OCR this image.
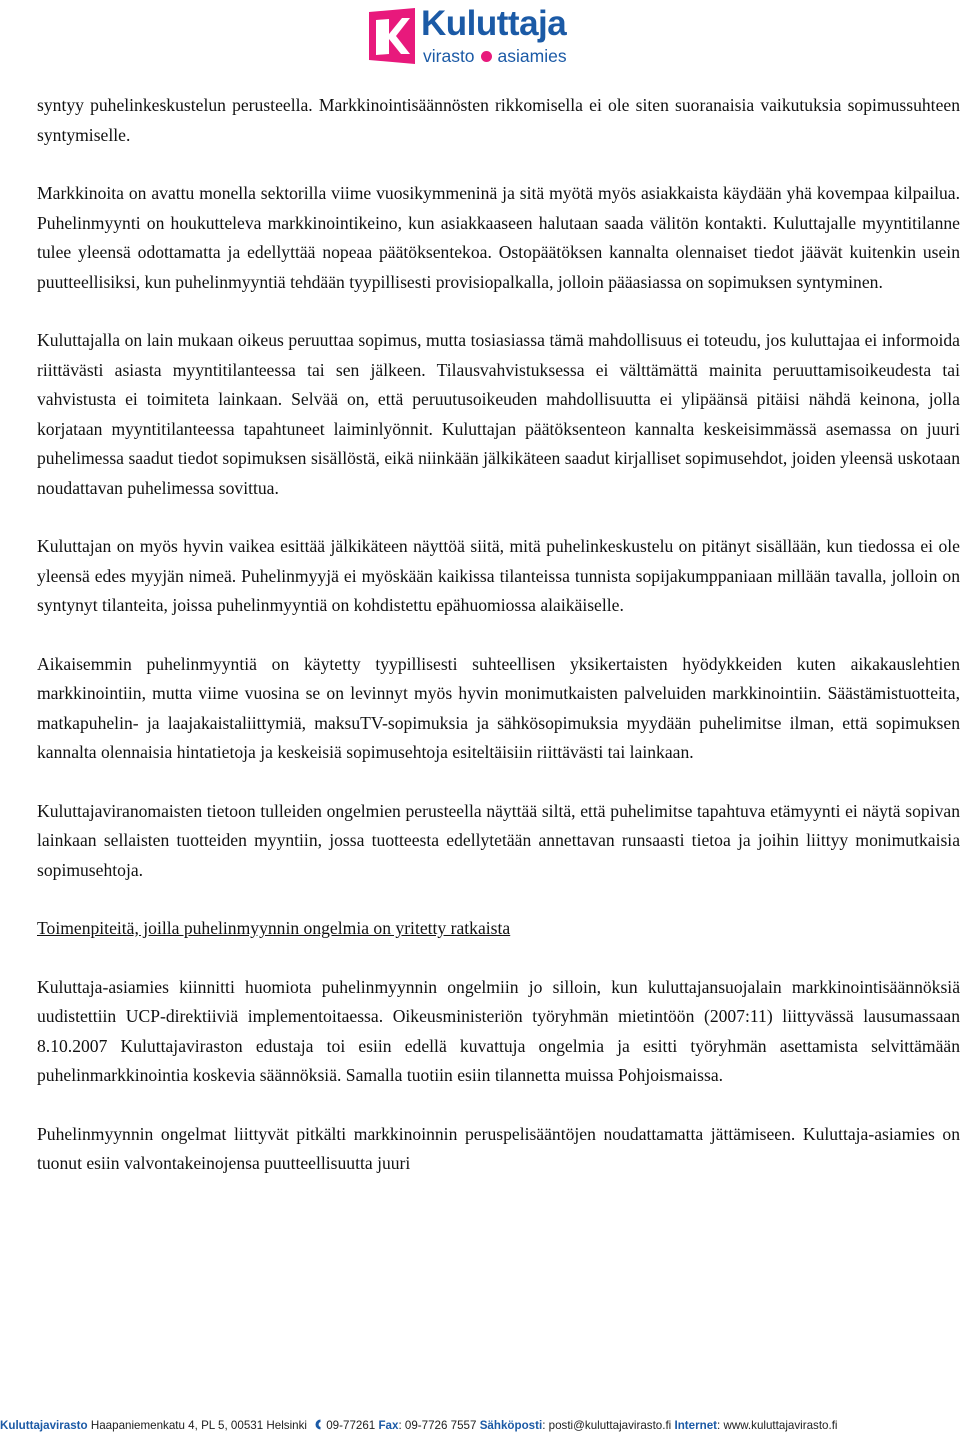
Kuluttaja
virasto asiamies

syntyy puhelinkeskustelun perusteella. Markkinointisäännösten rikkomisella ei ole siten suoranaisia vaikutuksia sopimussuhteen syntymiselle.

Markkinoita on avattu monella sektorilla viime vuosikymmeninä ja sitä myötä myös asiakkaista käydään yhä kovempaa kilpailua. Puhelinmyynti on houkutteleva markkinointikeino, kun asiakkaaseen halutaan saada välitön kontakti. Kuluttajalle myyntitilanne tulee yleensä odottamatta ja edellyttää nopeaa päätöksentekoa. Ostopäätöksen kannalta olennaiset tiedot jäävät kuitenkin usein puutteellisiksi, kun puhelinmyyntiä tehdään tyypillisesti provisiopalkalla, jolloin pääasiassa on sopimuksen syntyminen.

Kuluttajalla on lain mukaan oikeus peruuttaa sopimus, mutta tosiasiassa tämä mahdollisuus ei toteudu, jos kuluttajaa ei informoida riittävästi asiasta myyntitilanteessa tai sen jälkeen. Tilausvahvistuksessa ei välttämättä mainita peruuttamisoikeudesta tai vahvistusta ei toimiteta lainkaan. Selvää on, että peruutusoikeuden mahdollisuutta ei ylipäänsä pitäisi nähdä keinona, jolla korjataan myyntitilanteessa tapahtuneet laiminlyönnit. Kuluttajan päätöksenteon kannalta keskeisimmässä asemassa on juuri puhelimessa saadut tiedot sopimuksen sisällöstä, eikä niinkään jälkikäteen saadut kirjalliset sopimusehdot, joiden yleensä uskotaan noudattavan puhelimessa sovittua.

Kuluttajan on myös hyvin vaikea esittää jälkikäteen näyttöä siitä, mitä puhelinkeskustelu on pitänyt sisällään, kun tiedossa ei ole yleensä edes myyjän nimeä. Puhelinmyyjä ei myöskään kaikissa tilanteissa tunnista sopijakumppaniaan millään tavalla, jolloin on syntynyt tilanteita, joissa puhelinmyyntiä on kohdistettu epähuomiossa alaikäiselle.

Aikaisemmin puhelinmyyntiä on käytetty tyypillisesti suhteellisen yksikertaisten hyödykkeiden kuten aikakauslehtien markkinointiin, mutta viime vuosina se on levinnyt myös hyvin monimutkaisten palveluiden markkinointiin. Säästämistuotteita, matkapuhelin- ja laajakaistaliittymiä, maksuTV-sopimuksia ja sähkösopimuksia myydään puhelimitse ilman, että sopimuksen kannalta olennaisia hintatietoja ja keskeisiä sopimusehtoja esiteltäisiin riittävästi tai lainkaan.

Kuluttajaviranomaisten tietoon tulleiden ongelmien perusteella näyttää siltä, että puhelimitse tapahtuva etämyynti ei näytä sopivan lainkaan sellaisten tuotteiden myyntiin, jossa tuotteesta edellytetään annettavan runsaasti tietoa ja joihin liittyy monimutkaisia sopimusehtoja.

Toimenpiteitä, joilla puhelinmyynnin ongelmia on yritetty ratkaista

Kuluttaja-asiamies kiinnitti huomiota puhelinmyynnin ongelmiin jo silloin, kun kuluttajansuojalain markkinointisäännöksiä uudistettiin UCP-direktiiviä implementoitaessa. Oikeusministeriön työryhmän mietintöön (2007:11) liittyvässä lausumassaan 8.10.2007 Kuluttajaviraston edustaja toi esiin edellä kuvattuja ongelmia ja esitti työryhmän asettamista selvittämään puhelinmarkkinointia koskevia säännöksiä. Samalla tuotiin esiin tilannetta muissa Pohjoismaissa.

Puhelinmyynnin ongelmat liittyvät pitkälti markkinoinnin peruspelisääntöjen noudattamatta jättämiseen. Kuluttaja-asiamies on tuonut esiin valvontakeinojensa puutteellisuutta juuri

Kuluttajavirasto Haapaniemenkatu 4, PL 5, 00531 Helsinki 09-77261 Fax: 09-7726 7557 Sähköposti: posti@kuluttajavirasto.fi Internet: www.kuluttajavirasto.fi
